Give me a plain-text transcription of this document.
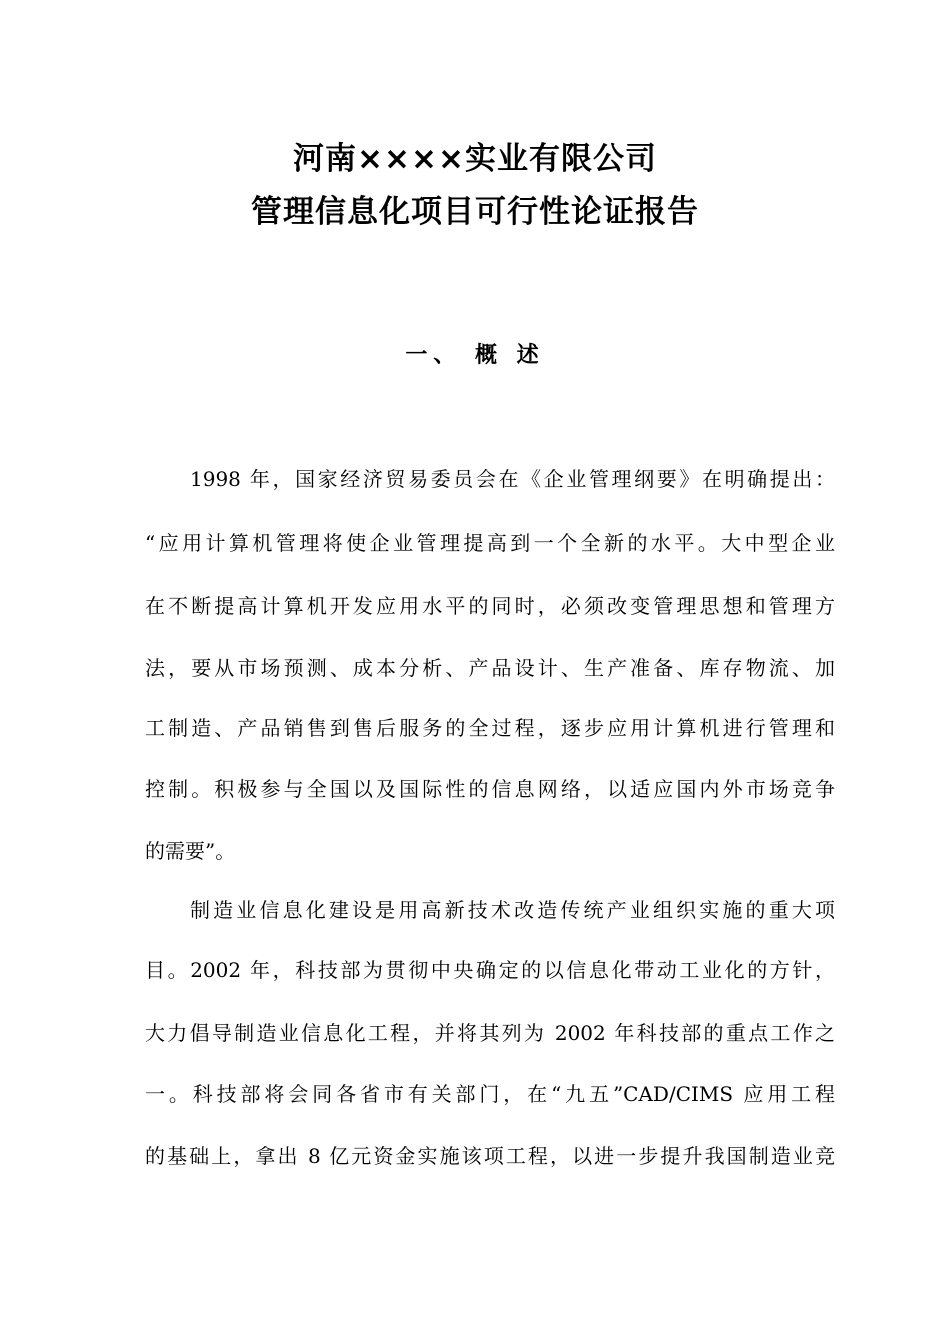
河南××××实业有限公司
管理信息化项目可行性论证报告
一、 概 述
1998 年，国家经济贸易委员会在《企业管理纲要》在明确提出：
“应用计算机管理将使企业管理提高到一个全新的水平。大中型企业
在不断提高计算机开发应用水平的同时，必须改变管理思想和管理方
法，要从市场预测、成本分析、产品设计、生产准备、库存物流、加
工制造、产品销售到售后服务的全过程，逐步应用计算机进行管理和
控制。积极参与全国以及国际性的信息网络，以适应国内外市场竞争
的需要”。
制造业信息化建设是用高新技术改造传统产业组织实施的重大项
目。2002 年，科技部为贯彻中央确定的以信息化带动工业化的方针，
大力倡导制造业信息化工程，并将其列为 2002 年科技部的重点工作之
一。科技部将会同各省市有关部门，在“九五”CAD/CIMS 应用工程
的基础上，拿出 8 亿元资金实施该项工程，以进一步提升我国制造业竞
